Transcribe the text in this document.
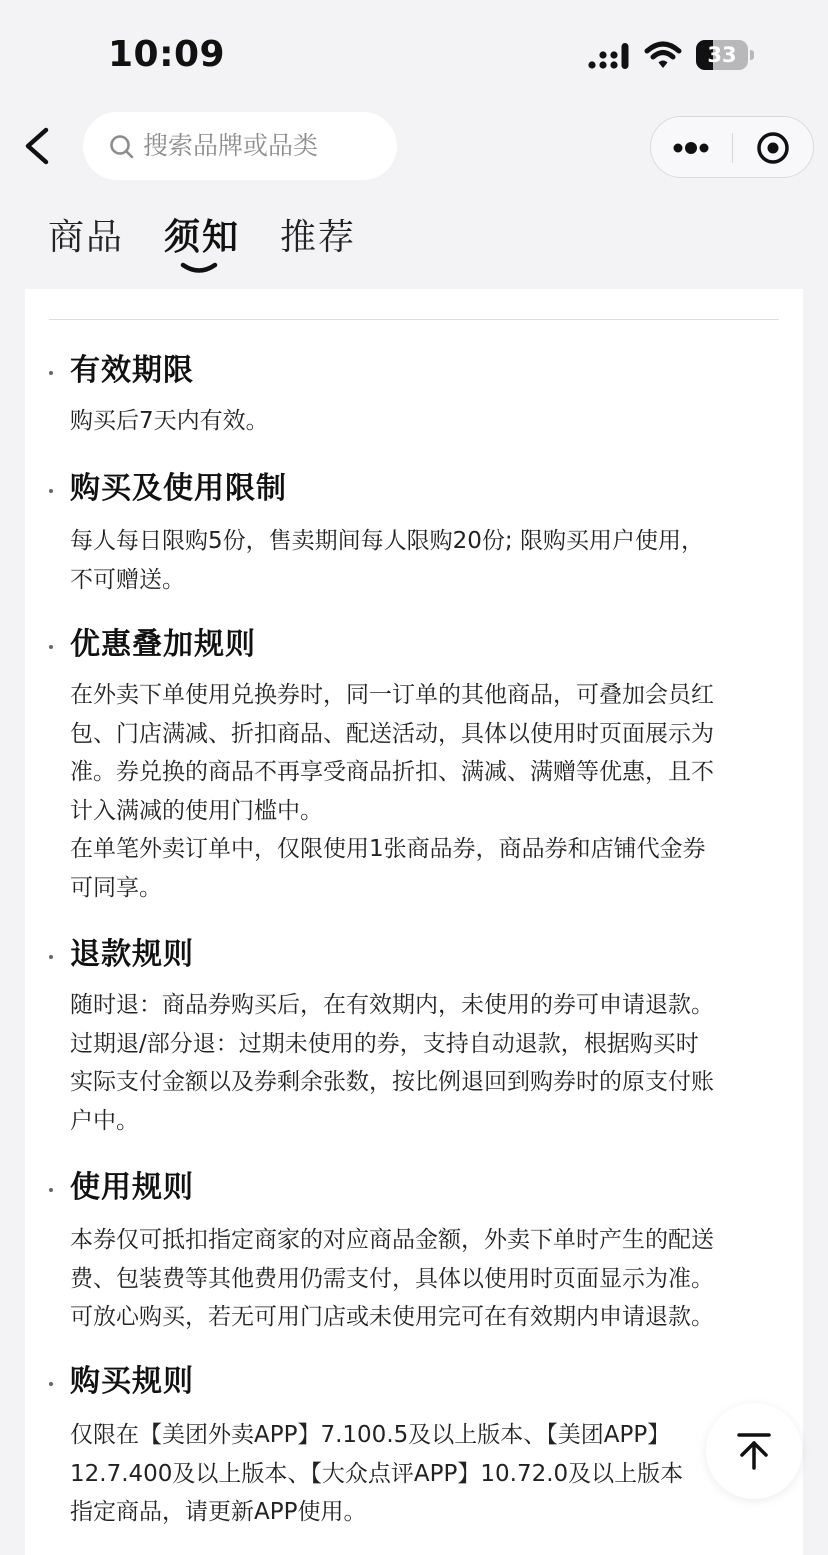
10:09	33
搜索品牌或品类
商品 须知 推荐
有效期限

购买后7天内有效。

购买及使用限制

每人每日限购5份，售卖期间每人限购20份; 限购买用户使用，

不可赠送。

优惠叠加规则

在外卖下单使用兑换券时，同一订单的其他商品，可叠加会员红

包、门店满减、折扣商品、配送活动，具体以使用时页面展示为

准。券兑换的商品不再享受商品折扣、满减、满赠等优惠，且不

计入满减的使用门槛中。

在单笔外卖订单中，仅限使用1张商品券，商品券和店铺代金券

可同享。

退款规则

随时退：商品券购买后，在有效期内，未使用的券可申请退款。

过期退/部分退：过期未使用的券，支持自动退款，根据购买时

实际支付金额以及券剩余张数，按比例退回到购券时的原支付账

户中。

使用规则

本券仅可抵扣指定商家的对应商品金额，外卖下单时产生的配送

费、包装费等其他费用仍需支付，具体以使用时页面显示为准。

可放心购买，若无可用门店或未使用完可在有效期内申请退款。

购买规则

仅限在【美团外卖APP】7.100.5及以上版本、【美团APP】

12.7.400及以上版本、【大众点评APP】10.72.0及以上版本

指定商品，请更新APP使用。
